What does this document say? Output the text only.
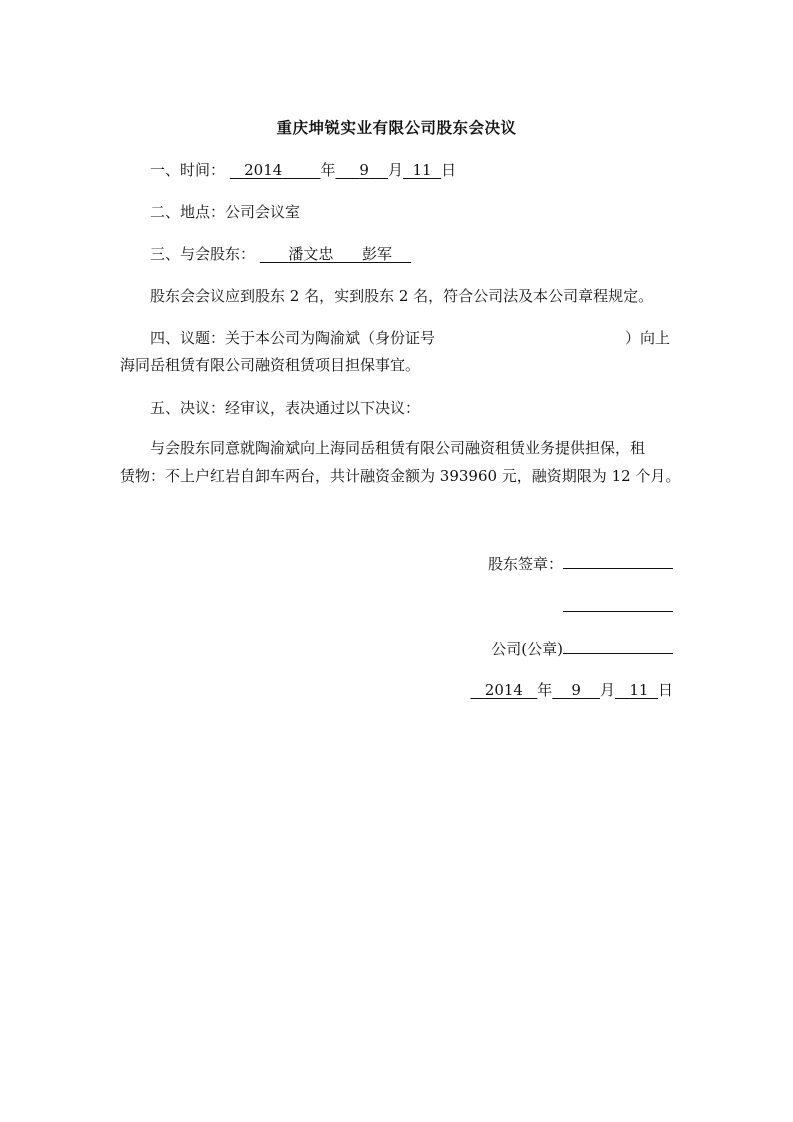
重庆坤锐实业有限公司股东会决议
一、时间： 2014	年 9 月 11 日
二、地点：公司会议室
三、与会股东： 潘文忠 彭军
股东会会议应到股东 2 名，实到股东 2 名，符合公司法及本公司章程规定。
四、议题：关于本公司为陶渝斌（身份证号	）向上
海同岳租赁有限公司融资租赁项目担保事宜。
五、决议：经审议，表决通过以下决议：
与会股东同意就陶渝斌向上海同岳租赁有限公司融资租赁业务提供担保，租
赁物：不上户红岩自卸车两台，共计融资金额为 393960 元，融资期限为 12 个月。
股东签章：
公司(公章)
2014 年 9 月 11 日
